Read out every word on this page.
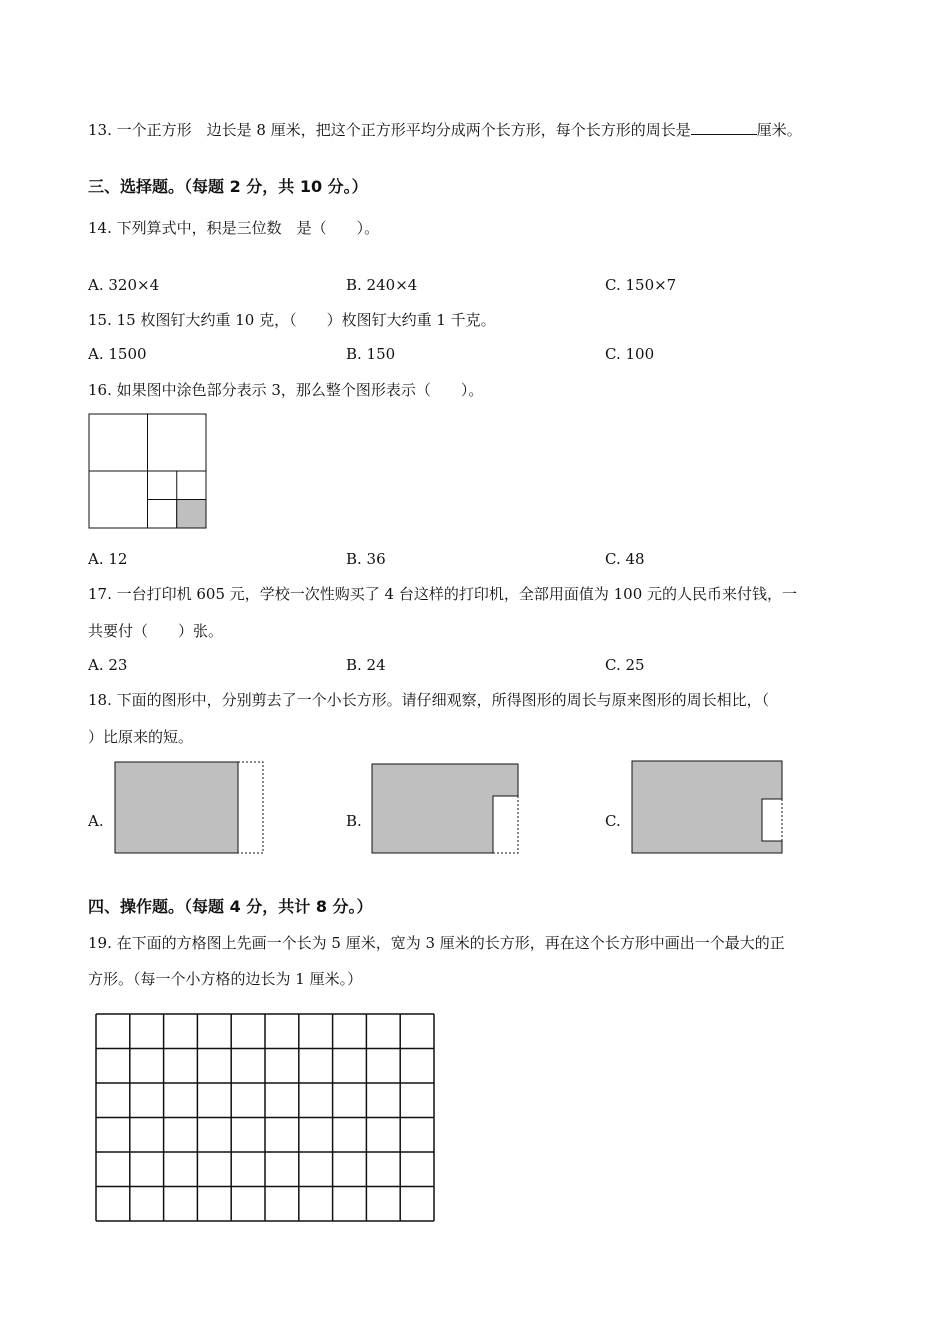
13. 一个正方形　边长是 8 厘米，把这个正方形平均分成两个长方形，每个长方形的周长是	厘米。
三、选择题。（每题 2 分，共 10 分。）
14. 下列算式中，积是三位数　是（　　）。
A. 320×4	B. 240×4	C. 150×7
15. 15 枚图钉大约重 10 克，（　　）枚图钉大约重 1 千克。
A. 1500	B. 150	C. 100
16. 如果图中涂色部分表示 3，那么整个图形表示（　　）。
A. 12	B. 36	C. 48
17. 一台打印机 605 元，学校一次性购买了 4 台这样的打印机，全部用面值为 100 元的人民币来付钱，一
共要付（　　）张。
A. 23	B. 24	C. 25
18. 下面的图形中，分别剪去了一个小长方形。请仔细观察，所得图形的周长与原来图形的周长相比，（
）比原来的短。
A.	B.	C.
四、操作题。（每题 4 分，共计 8 分。）
19. 在下面的方格图上先画一个长为 5 厘米，宽为 3 厘米的长方形，再在这个长方形中画出一个最大的正
方形。（每一个小方格的边长为 1 厘米。）
